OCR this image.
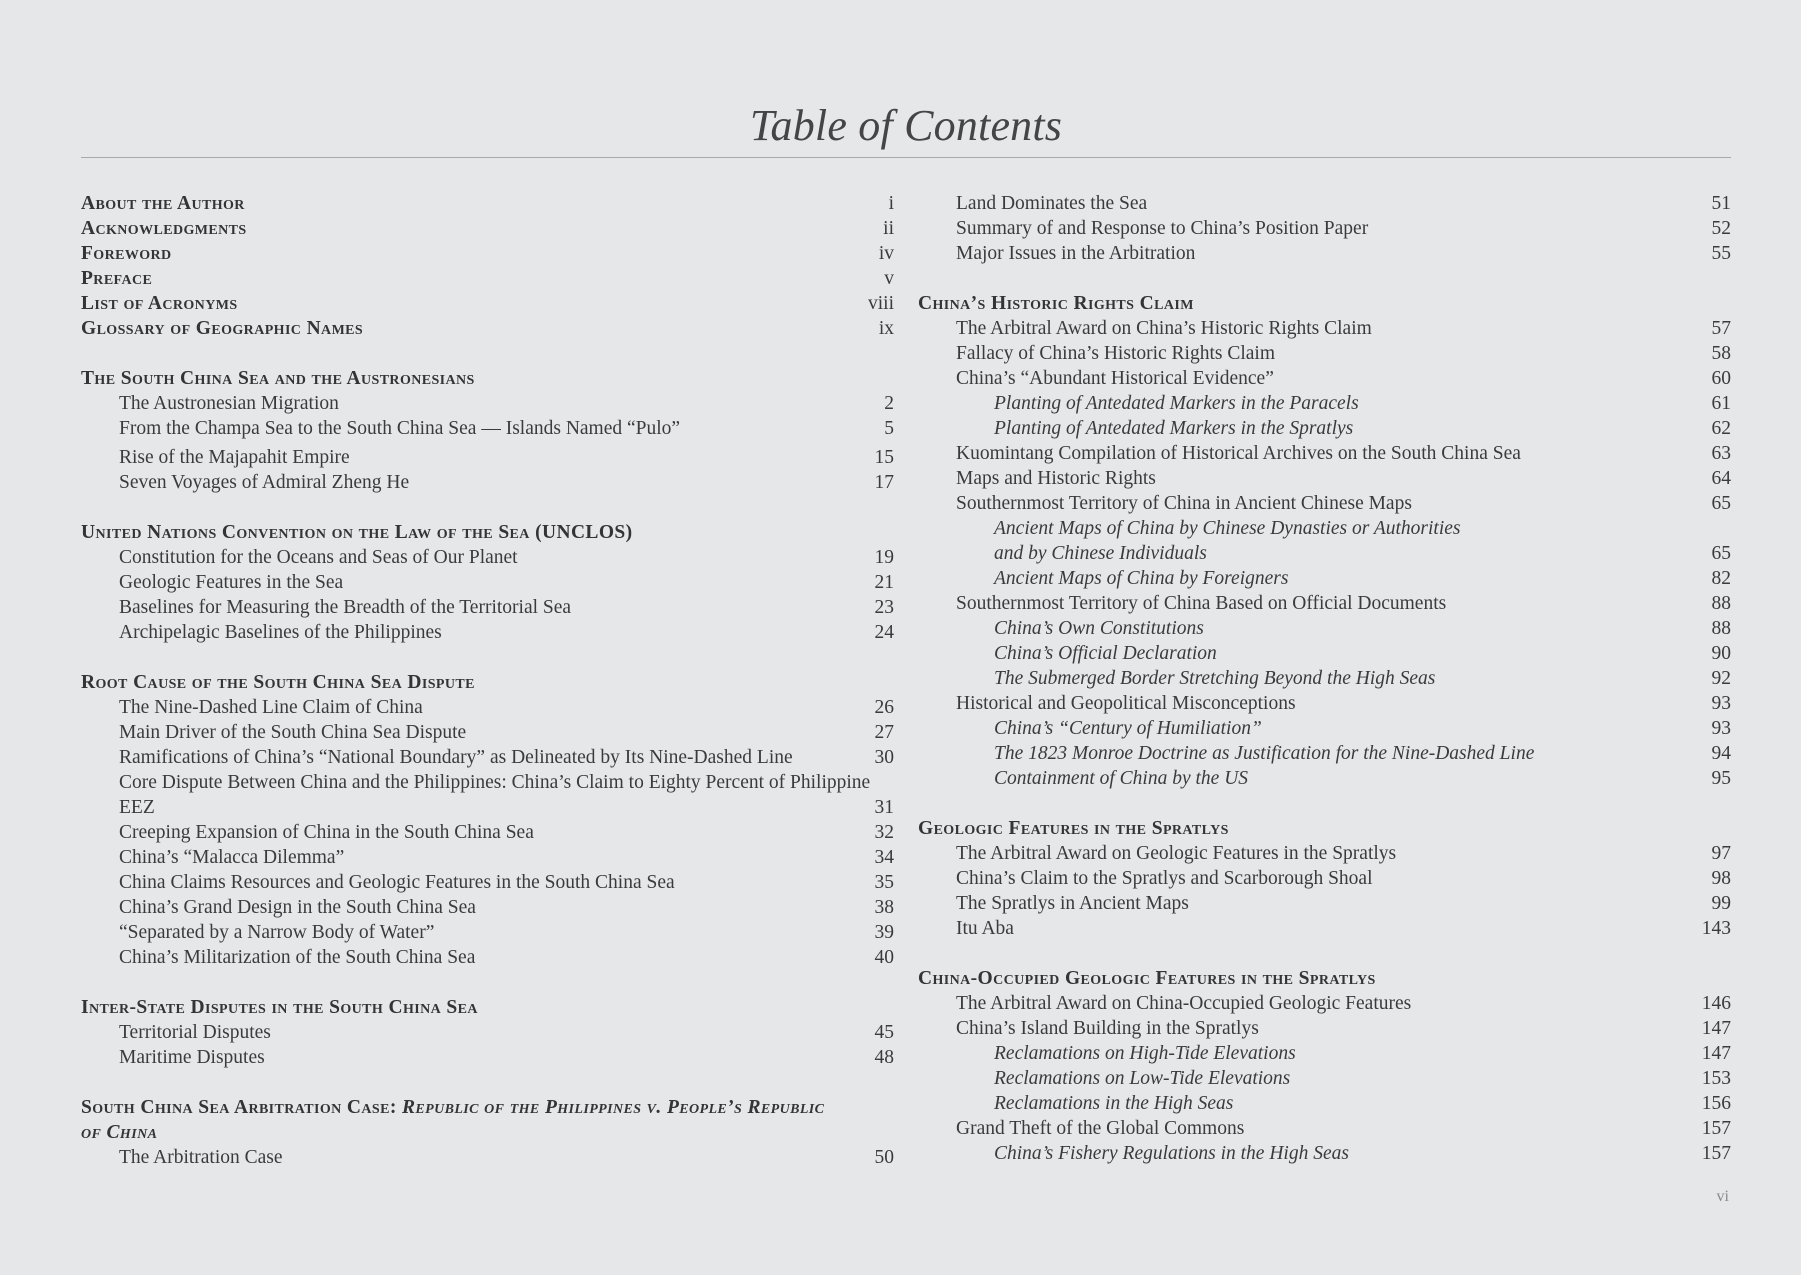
Table of Contents
About the Author	i
Acknowledgments	ii
Foreword	iv
Preface	v
List of Acronyms	viii
Glossary of Geographic Names	ix
The South China Sea and the Austronesians
The Austronesian Migration	2
From the Champa Sea to the South China Sea — Islands Named “Pulo”	5
Rise of the Majapahit Empire	15
Seven Voyages of Admiral Zheng He	17
United Nations Convention on the Law of the Sea (UNCLOS)
Constitution for the Oceans and Seas of Our Planet	19
Geologic Features in the Sea	21
Baselines for Measuring the Breadth of the Territorial Sea	23
Archipelagic Baselines of the Philippines	24
Root Cause of the South China Sea Dispute
The Nine-Dashed Line Claim of China	26
Main Driver of the South China Sea Dispute	27
Ramifications of China’s “National Boundary” as Delineated by Its Nine-Dashed Line	30
Core Dispute Between China and the Philippines: China’s Claim to Eighty Percent of Philippine EEZ	31
Creeping Expansion of China in the South China Sea	32
China’s “Malacca Dilemma”	34
China Claims Resources and Geologic Features in the South China Sea	35
China’s Grand Design in the South China Sea	38
“Separated by a Narrow Body of Water”	39
China’s Militarization of the South China Sea	40
Inter-State Disputes in the South China Sea
Territorial Disputes	45
Maritime Disputes	48
South China Sea Arbitration Case: Republic of the Philippines v. People’s Republic of China
The Arbitration Case	50
Land Dominates the Sea	51
Summary of and Response to China’s Position Paper	52
Major Issues in the Arbitration	55
China’s Historic Rights Claim
The Arbitral Award on China’s Historic Rights Claim	57
Fallacy of China’s Historic Rights Claim	58
China’s “Abundant Historical Evidence”	60
Planting of Antedated Markers in the Paracels	61
Planting of Antedated Markers in the Spratlys	62
Kuomintang Compilation of Historical Archives on the South China Sea	63
Maps and Historic Rights	64
Southernmost Territory of China in Ancient Chinese Maps	65
Ancient Maps of China by Chinese Dynasties or Authorities and by Chinese Individuals	65
Ancient Maps of China by Foreigners	82
Southernmost Territory of China Based on Official Documents	88
China’s Own Constitutions	88
China’s Official Declaration	90
The Submerged Border Stretching Beyond the High Seas	92
Historical and Geopolitical Misconceptions	93
China’s “Century of Humiliation”	93
The 1823 Monroe Doctrine as Justification for the Nine-Dashed Line	94
Containment of China by the US	95
Geologic Features in the Spratlys
The Arbitral Award on Geologic Features in the Spratlys	97
China’s Claim to the Spratlys and Scarborough Shoal	98
The Spratlys in Ancient Maps	99
Itu Aba	143
China-Occupied Geologic Features in the Spratlys
The Arbitral Award on China-Occupied Geologic Features	146
China’s Island Building in the Spratlys	147
Reclamations on High-Tide Elevations	147
Reclamations on Low-Tide Elevations	153
Reclamations in the High Seas	156
Grand Theft of the Global Commons	157
China’s Fishery Regulations in the High Seas	157
vi
